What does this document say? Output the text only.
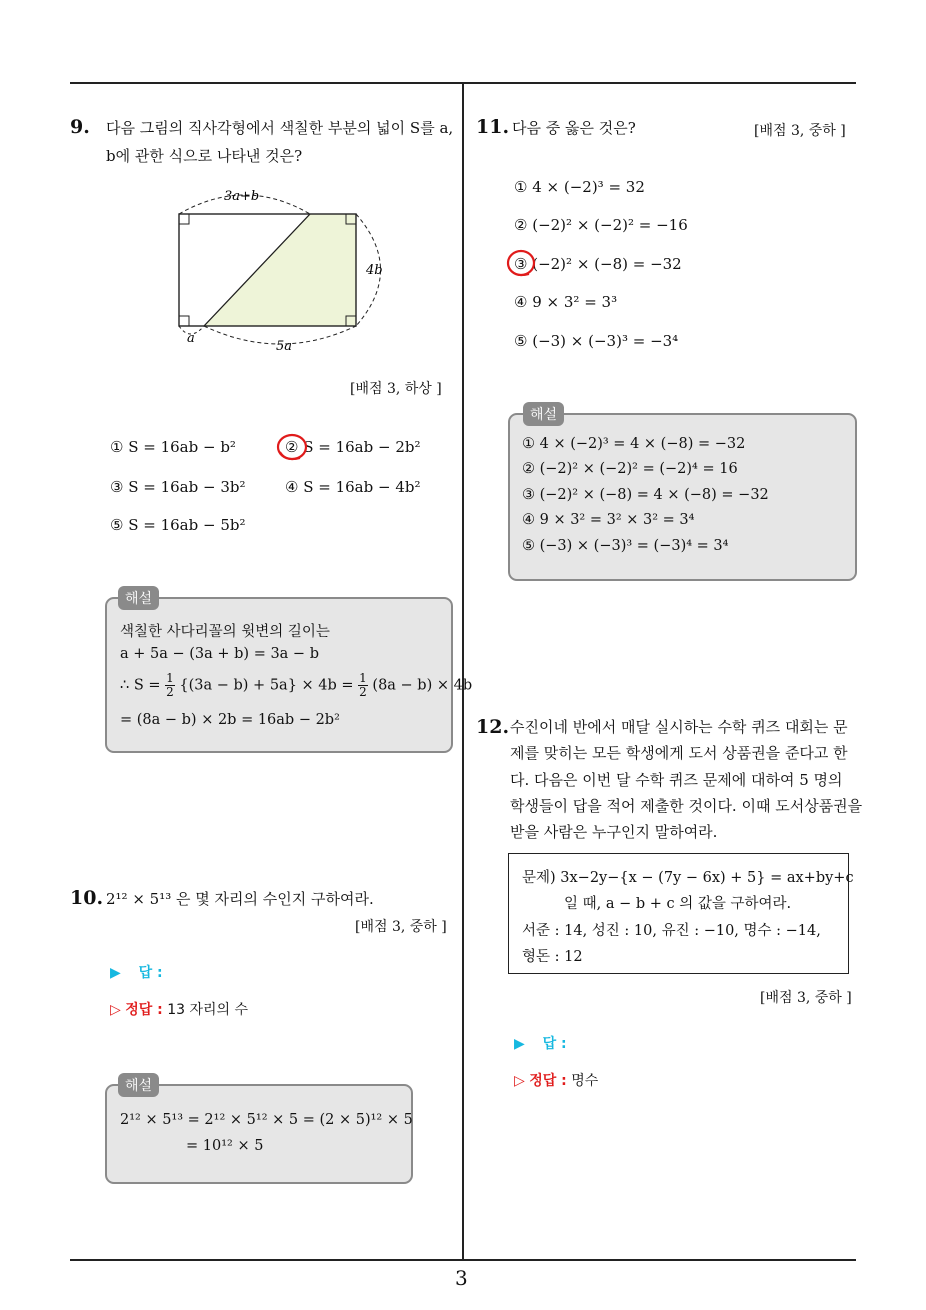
3
9. 다음 그림의 직사각형에서 색칠한 부분의 넓이 S를 a,
b에 관한 식으로 나타낸 것은?
3a+b
4b
a
5a
[배점 3, 하상 ]
① S = 16ab − b²	② S = 16ab − 2b²
③ S = 16ab − 3b²	④ S = 16ab − 4b²
⑤ S = 16ab − 5b²
해설
색칠한 사다리꼴의 윗변의 길이는
a + 5a − (3a + b) = 3a − b
∴ $S = \frac{1}{2} \{(3a - b) + 5a\} \times 4b = \frac{1}{2} (8a - b) \times 4b$
= (8a − b) × 2b = 16ab − 2b²
10. 2¹² × 5¹³ 은 몇 자리의 수인지 구하여라.
[배점 3, 중하 ]
▶ 답 :
▷ 정답 : 13 자리의 수
해설
2¹² × 5¹³ = 2¹² × 5¹² × 5 = (2 × 5)¹² × 5
= 10¹² × 5
11. 다음 중 옳은 것은?	[배점 3, 중하 ]
① 4 × (−2)³ = 32
② (−2)² × (−2)² = −16
③ (−2)² × (−8) = −32
④ 9 × 3² = 3³
⑤ (−3) × (−3)³ = −3⁴
해설
① 4 × (−2)³ = 4 × (−8) = −32
② (−2)² × (−2)² = (−2)⁴ = 16
③ (−2)² × (−8) = 4 × (−8) = −32
④ 9 × 3² = 3² × 3² = 3⁴
⑤ (−3) × (−3)³ = (−3)⁴ = 3⁴
12. 수진이네 반에서 매달 실시하는 수학 퀴즈 대회는 문
제를 맞히는 모든 학생에게 도서 상품권을 준다고 한
다. 다음은 이번 달 수학 퀴즈 문제에 대하여 5 명의
학생들이 답을 적어 제출한 것이다. 이때 도서상품권을
받을 사람은 누구인지 말하여라.
문제) 3x−2y−{x − (7y − 6x) + 5} = ax+by+c
일 때, a − b + c 의 값을 구하여라.
서준 : 14, 성진 : 10, 유진 : −10, 명수 : −14,
형돈 : 12
[배점 3, 중하 ]
▶ 답 :
▷ 정답 : 명수
